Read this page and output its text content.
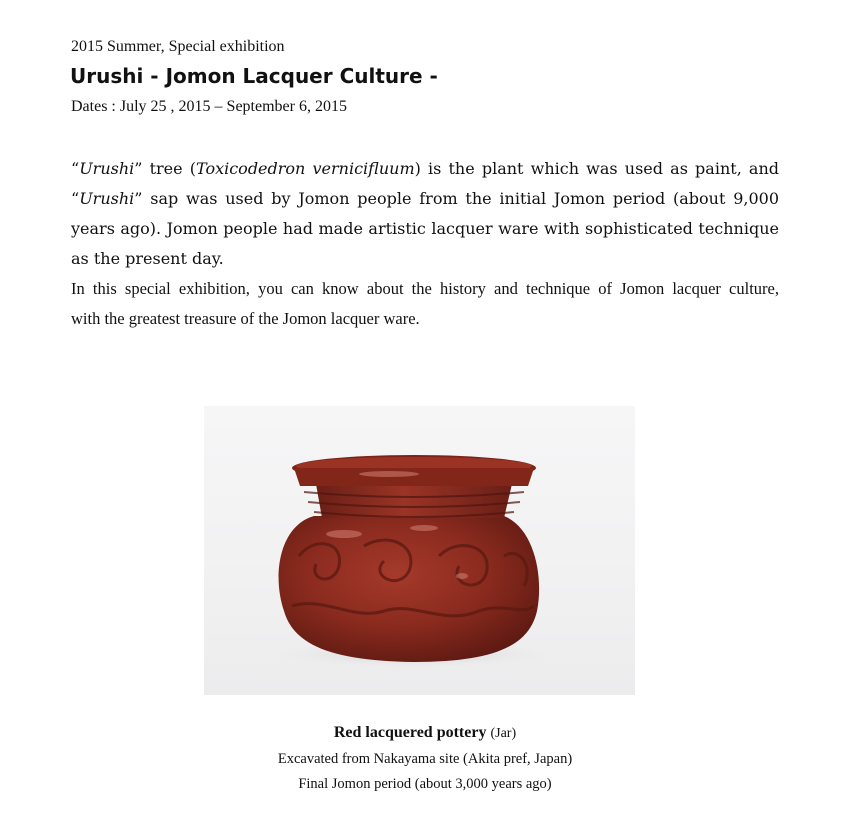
2015 Summer, Special exhibition
Urushi - Jomon Lacquer Culture -
Dates : July 25 , 2015 – September 6, 2015

“Urushi” tree (Toxicodedron vernicifluum) is the plant which was used as paint, and “Urushi” sap was used by Jomon people from the initial Jomon period (about 9,000 years ago). Jomon people had made artistic lacquer ware with sophisticated technique as the present day.

In this special exhibition, you can know about the history and technique of Jomon lacquer culture,
with the greatest treasure of the Jomon lacquer ware.

Red lacquered pottery (Jar)
Excavated from Nakayama site (Akita pref, Japan)
Final Jomon period (about 3,000 years ago)
